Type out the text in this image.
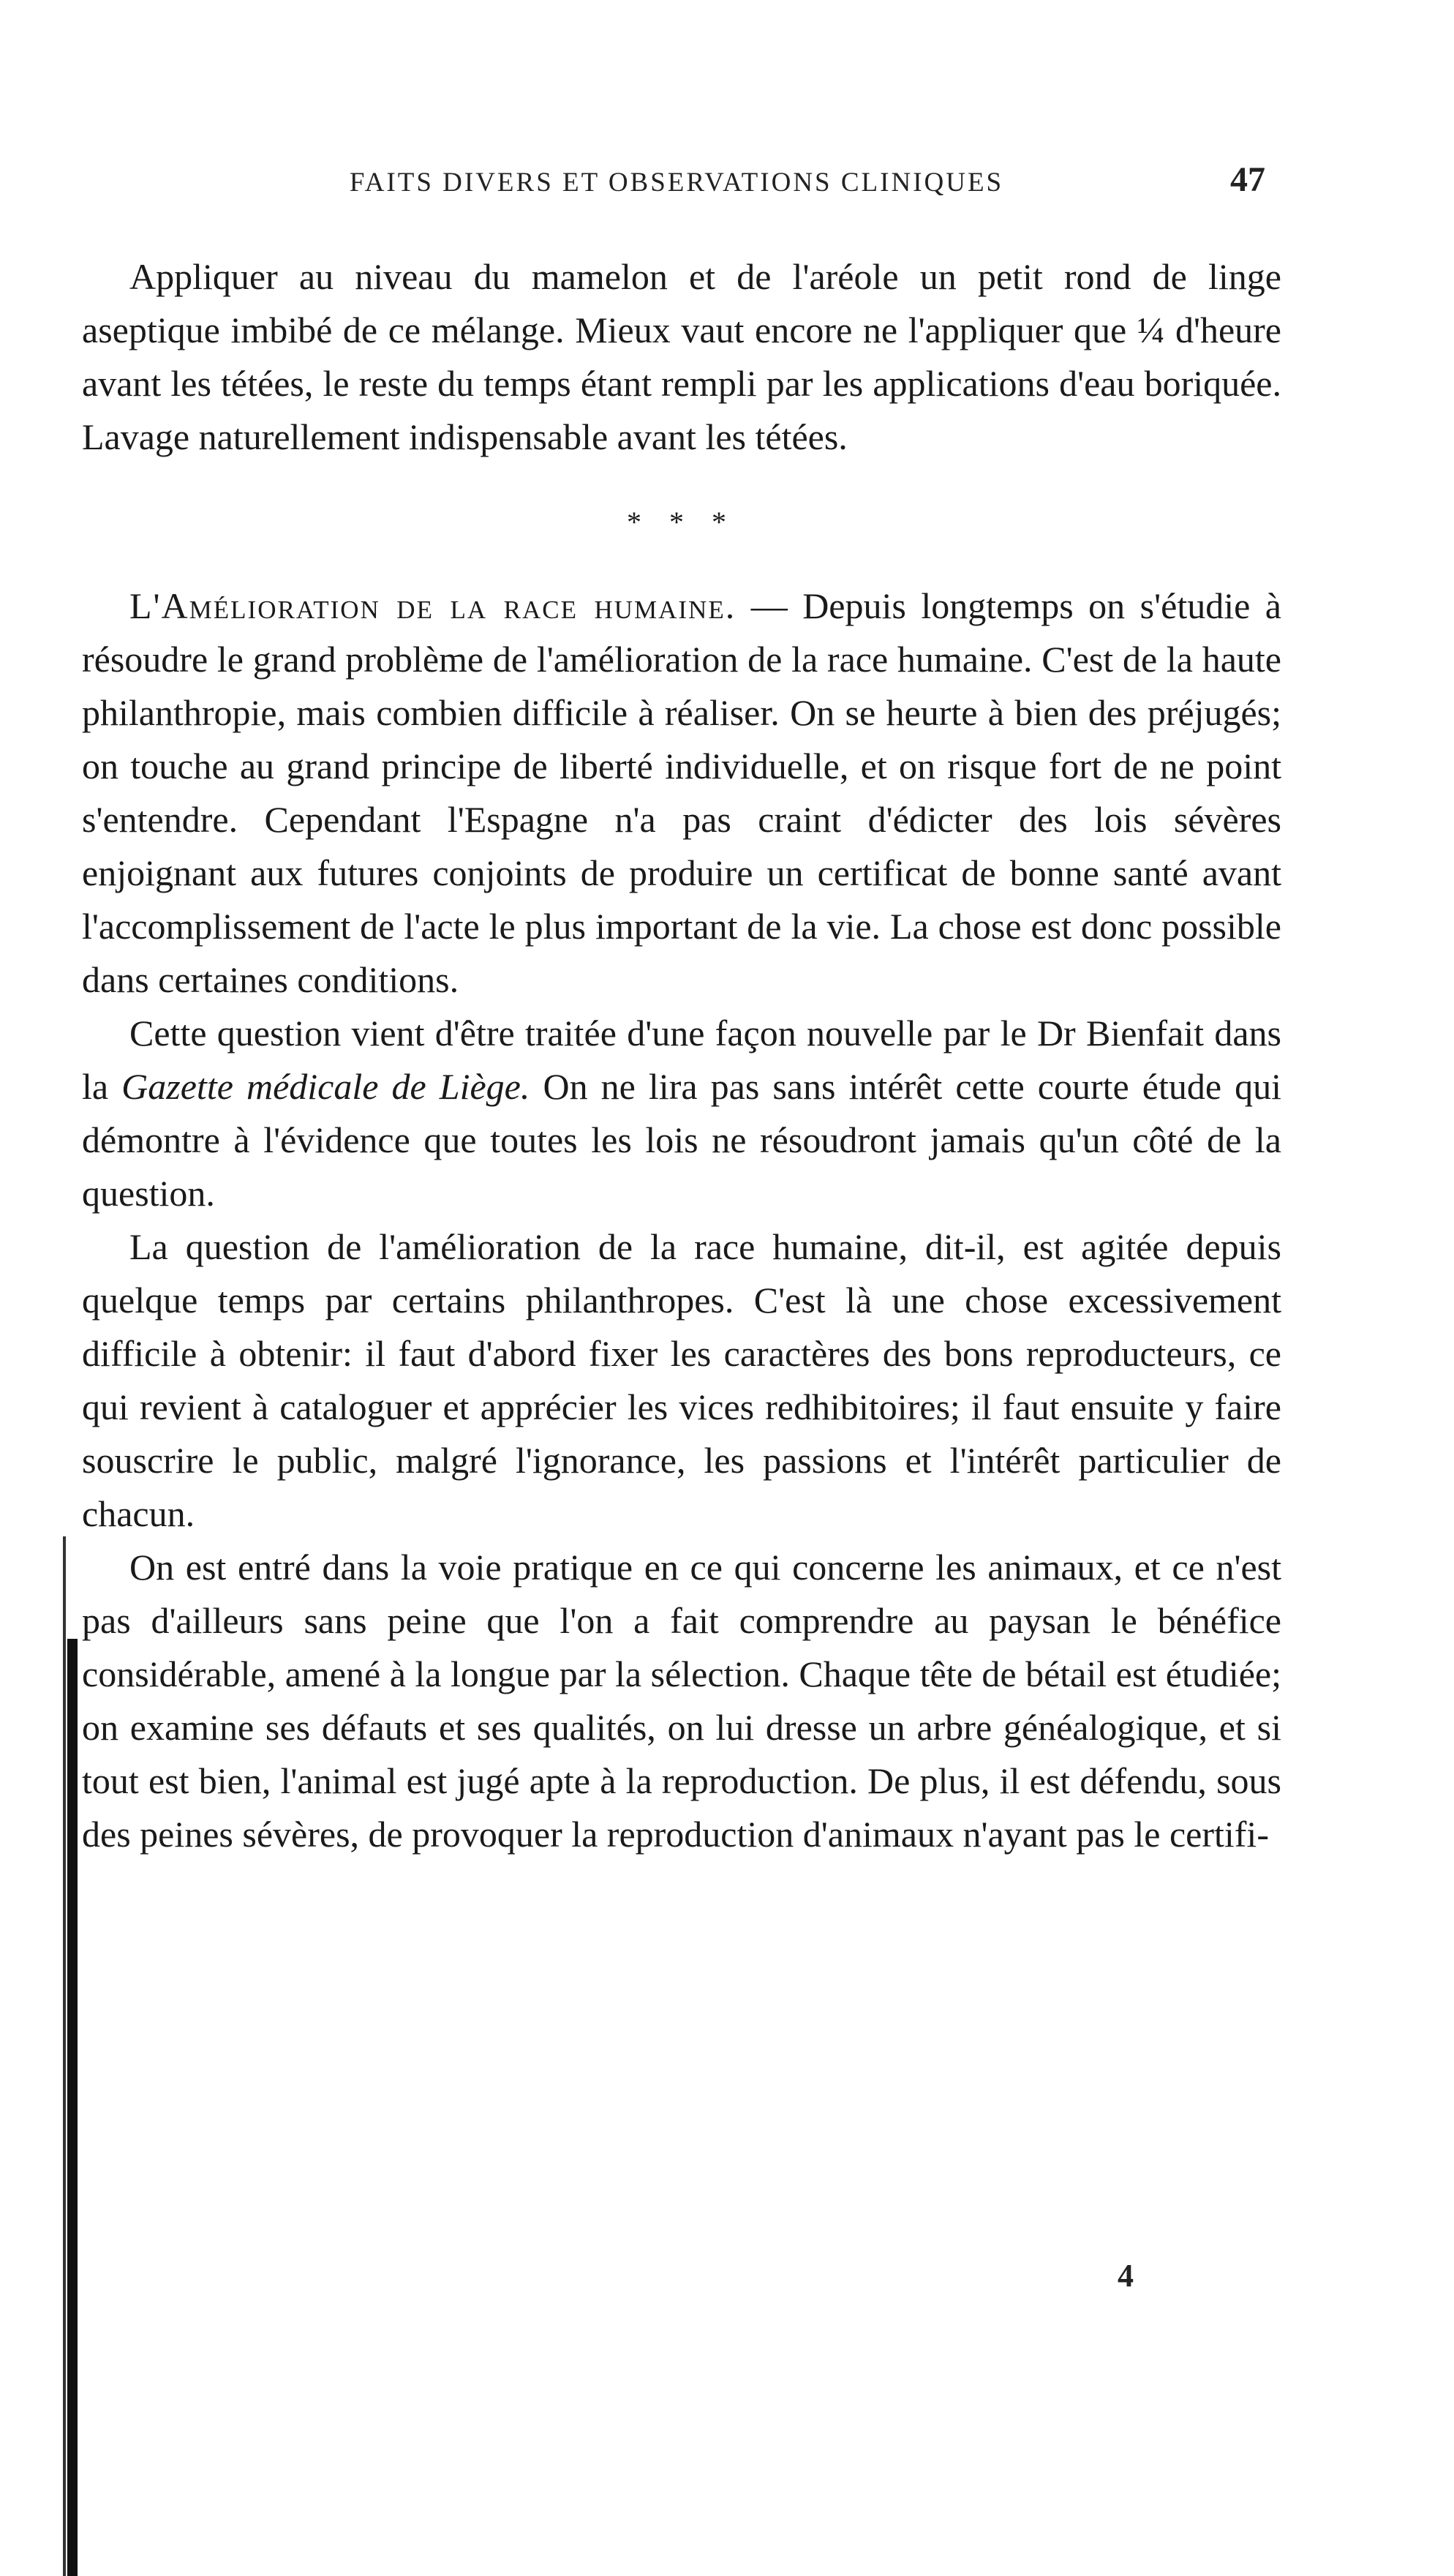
FAITS DIVERS ET OBSERVATIONS CLINIQUES	47

Appliquer au niveau du mamelon et de l'aréole un petit rond de linge aseptique imbibé de ce mélange. Mieux vaut encore ne l'appliquer que ¼ d'heure avant les tétées, le reste du temps étant rempli par les applications d'eau boriquée. Lavage naturellement indispensable avant les tétées.

* * *

L'Amélioration de la race humaine. — Depuis longtemps on s'étudie à résoudre le grand problème de l'amélioration de la race humaine. C'est de la haute philanthropie, mais combien difficile à réaliser. On se heurte à bien des préjugés; on touche au grand principe de liberté individuelle, et on risque fort de ne point s'entendre. Cependant l'Espagne n'a pas craint d'édicter des lois sévères enjoignant aux futures conjoints de produire un certificat de bonne santé avant l'accomplissement de l'acte le plus important de la vie. La chose est donc possible dans certaines conditions.

Cette question vient d'être traitée d'une façon nouvelle par le Dr Bienfait dans la Gazette médicale de Liège. On ne lira pas sans intérêt cette courte étude qui démontre à l'évidence que toutes les lois ne résoudront jamais qu'un côté de la question.

La question de l'amélioration de la race humaine, dit-il, est agitée depuis quelque temps par certains philanthropes. C'est là une chose excessivement difficile à obtenir: il faut d'abord fixer les caractères des bons reproducteurs, ce qui revient à cataloguer et apprécier les vices redhibitoires; il faut ensuite y faire souscrire le public, malgré l'ignorance, les passions et l'intérêt particulier de chacun.

On est entré dans la voie pratique en ce qui concerne les animaux, et ce n'est pas d'ailleurs sans peine que l'on a fait comprendre au paysan le bénéfice considérable, amené à la longue par la sélection. Chaque tête de bétail est étudiée; on examine ses défauts et ses qualités, on lui dresse un arbre généalogique, et si tout est bien, l'animal est jugé apte à la reproduction. De plus, il est défendu, sous des peines sévères, de provoquer la reproduction d'animaux n'ayant pas le certifi-

4
